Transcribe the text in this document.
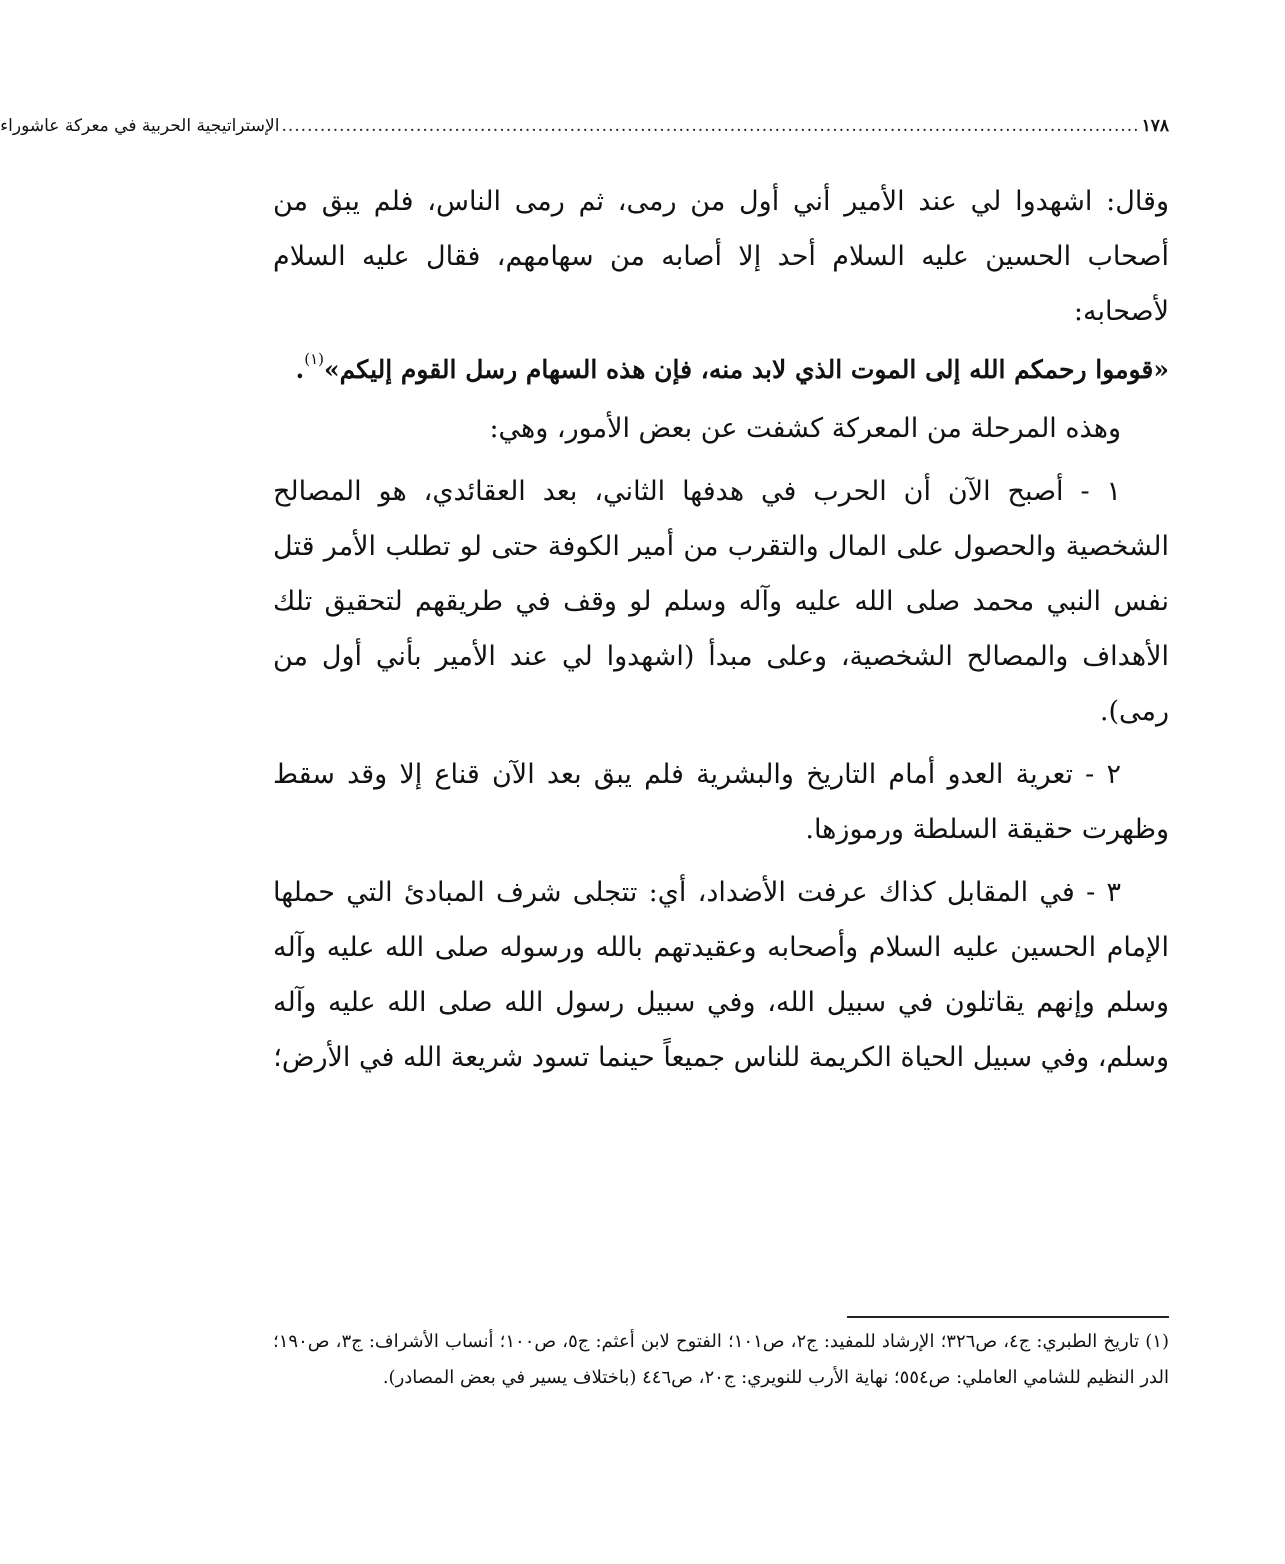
١٧٨
......................................................................................................................................
الإستراتيجية الحربية في معركة عاشوراء

وقال: اشهدوا لي عند الأمير أني أول من رمى، ثم رمى الناس، فلم يبق من أصحاب الحسين عليه السلام أحد إلا أصابه من سهامهم، فقال عليه السلام لأصحابه:

«قوموا رحمكم الله إلى الموت الذي لابد منه، فإن هذه السهام رسل القوم إليكم»$^{(١)}$.

وهذه المرحلة من المعركة كشفت عن بعض الأمور، وهي:

١ - أصبح الآن أن الحرب في هدفها الثاني، بعد العقائدي، هو المصالح الشخصية والحصول على المال والتقرب من أمير الكوفة حتى لو تطلب الأمر قتل نفس النبي محمد صلى الله عليه وآله وسلم لو وقف في طريقهم لتحقيق تلك الأهداف والمصالح الشخصية، وعلى مبدأ (اشهدوا لي عند الأمير بأني أول من رمى).

٢ - تعرية العدو أمام التاريخ والبشرية فلم يبق بعد الآن قناع إلا وقد سقط وظهرت حقيقة السلطة ورموزها.

٣ - في المقابل كذاك عرفت الأضداد، أي: تتجلى شرف المبادئ التي حملها الإمام الحسين عليه السلام وأصحابه وعقيدتهم بالله ورسوله صلى الله عليه وآله وسلم وإنهم يقاتلون في سبيل الله، وفي سبيل رسول الله صلى الله عليه وآله وسلم، وفي سبيل الحياة الكريمة للناس جميعاً حينما تسود شريعة الله في الأرض؛

(١) تاريخ الطبري: ج٤، ص٣٢٦؛ الإرشاد للمفيد: ج٢، ص١٠١؛ الفتوح لابن أعثم: ج٥، ص١٠٠؛ أنساب الأشراف: ج٣، ص١٩٠؛ الدر النظيم للشامي العاملي: ص٥٥٤؛ نهاية الأرب للنويري: ج٢٠، ص٤٤٦ (باختلاف يسير في بعض المصادر).
